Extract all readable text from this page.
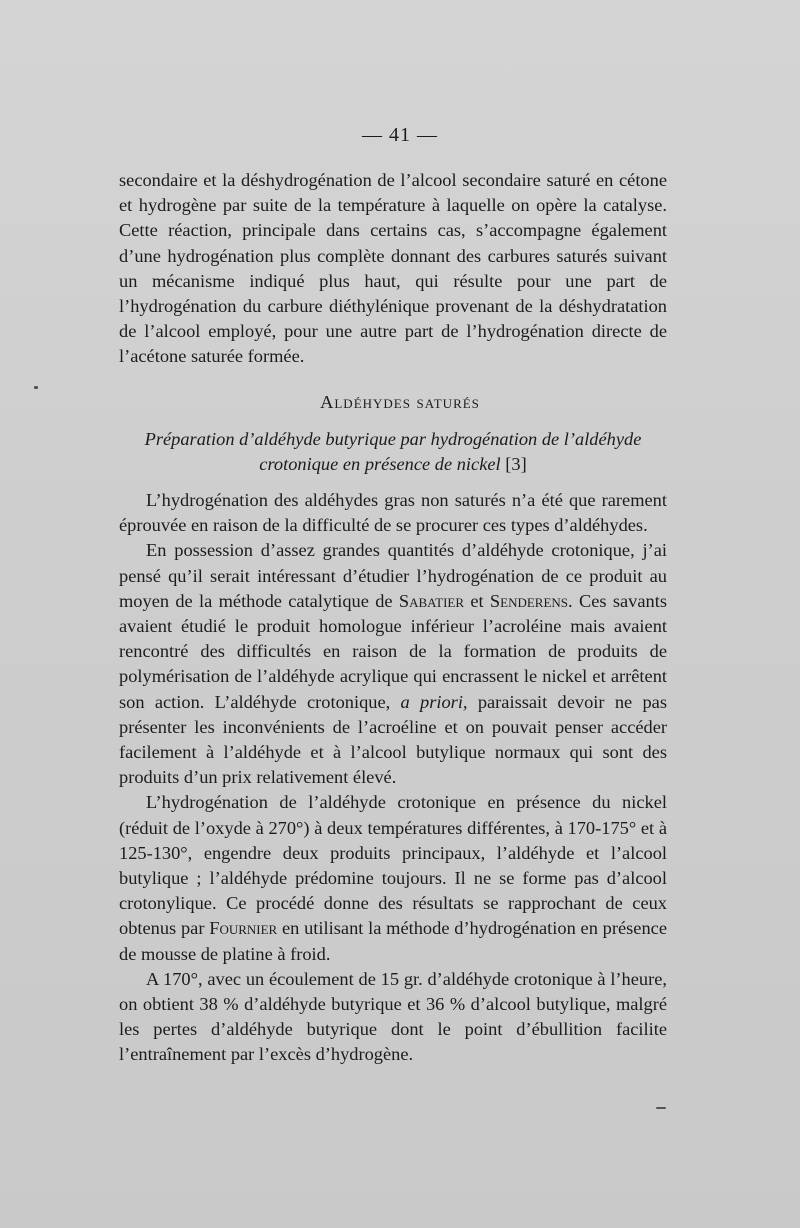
— 41 —

secondaire et la déshydrogénation de l’alcool secondaire saturé en cétone et hydrogène par suite de la température à laquelle on opère la catalyse. Cette réaction, principale dans certains cas, s’accompagne également d’une hydrogénation plus complète donnant des carbures saturés suivant un mécanisme indiqué plus haut, qui résulte pour une part de l’hydrogénation du carbure diéthylénique provenant de la déshydratation de l’alcool employé, pour une autre part de l’hydrogénation directe de l’acétone saturée formée.

Aldéhydes saturés
Préparation d’aldéhyde butyrique par hydrogénation de l’aldéhyde
crotonique en présence de nickel [3]

L’hydrogénation des aldéhydes gras non saturés n’a été que rarement éprouvée en raison de la difficulté de se procurer ces types d’aldéhydes.

En possession d’assez grandes quantités d’aldéhyde crotonique, j’ai pensé qu’il serait intéressant d’étudier l’hydrogénation de ce produit au moyen de la méthode catalytique de Sabatier et Senderens. Ces savants avaient étudié le produit homologue inférieur l’acroléine mais avaient rencontré des difficultés en raison de la formation de produits de polymérisation de l’aldéhyde acrylique qui encrassent le nickel et arrêtent son action. L’aldéhyde crotonique, a priori, paraissait devoir ne pas présenter les inconvénients de l’acroéline et on pouvait penser accéder facilement à l’aldéhyde et à l’alcool butylique normaux qui sont des produits d’un prix relativement élevé.

L’hydrogénation de l’aldéhyde crotonique en présence du nickel (réduit de l’oxyde à 270°) à deux températures différentes, à 170-175° et à 125-130°, engendre deux produits principaux, l’aldéhyde et l’alcool butylique ; l’aldéhyde prédomine toujours. Il ne se forme pas d’alcool crotonylique. Ce procédé donne des résultats se rapprochant de ceux obtenus par Fournier en utilisant la méthode d’hydrogénation en présence de mousse de platine à froid.

A 170°, avec un écoulement de 15 gr. d’aldéhyde crotonique à l’heure, on obtient 38 % d’aldéhyde butyrique et 36 % d’alcool butylique, malgré les pertes d’aldéhyde butyrique dont le point d’ébullition facilite l’entraînement par l’excès d’hydrogène.
